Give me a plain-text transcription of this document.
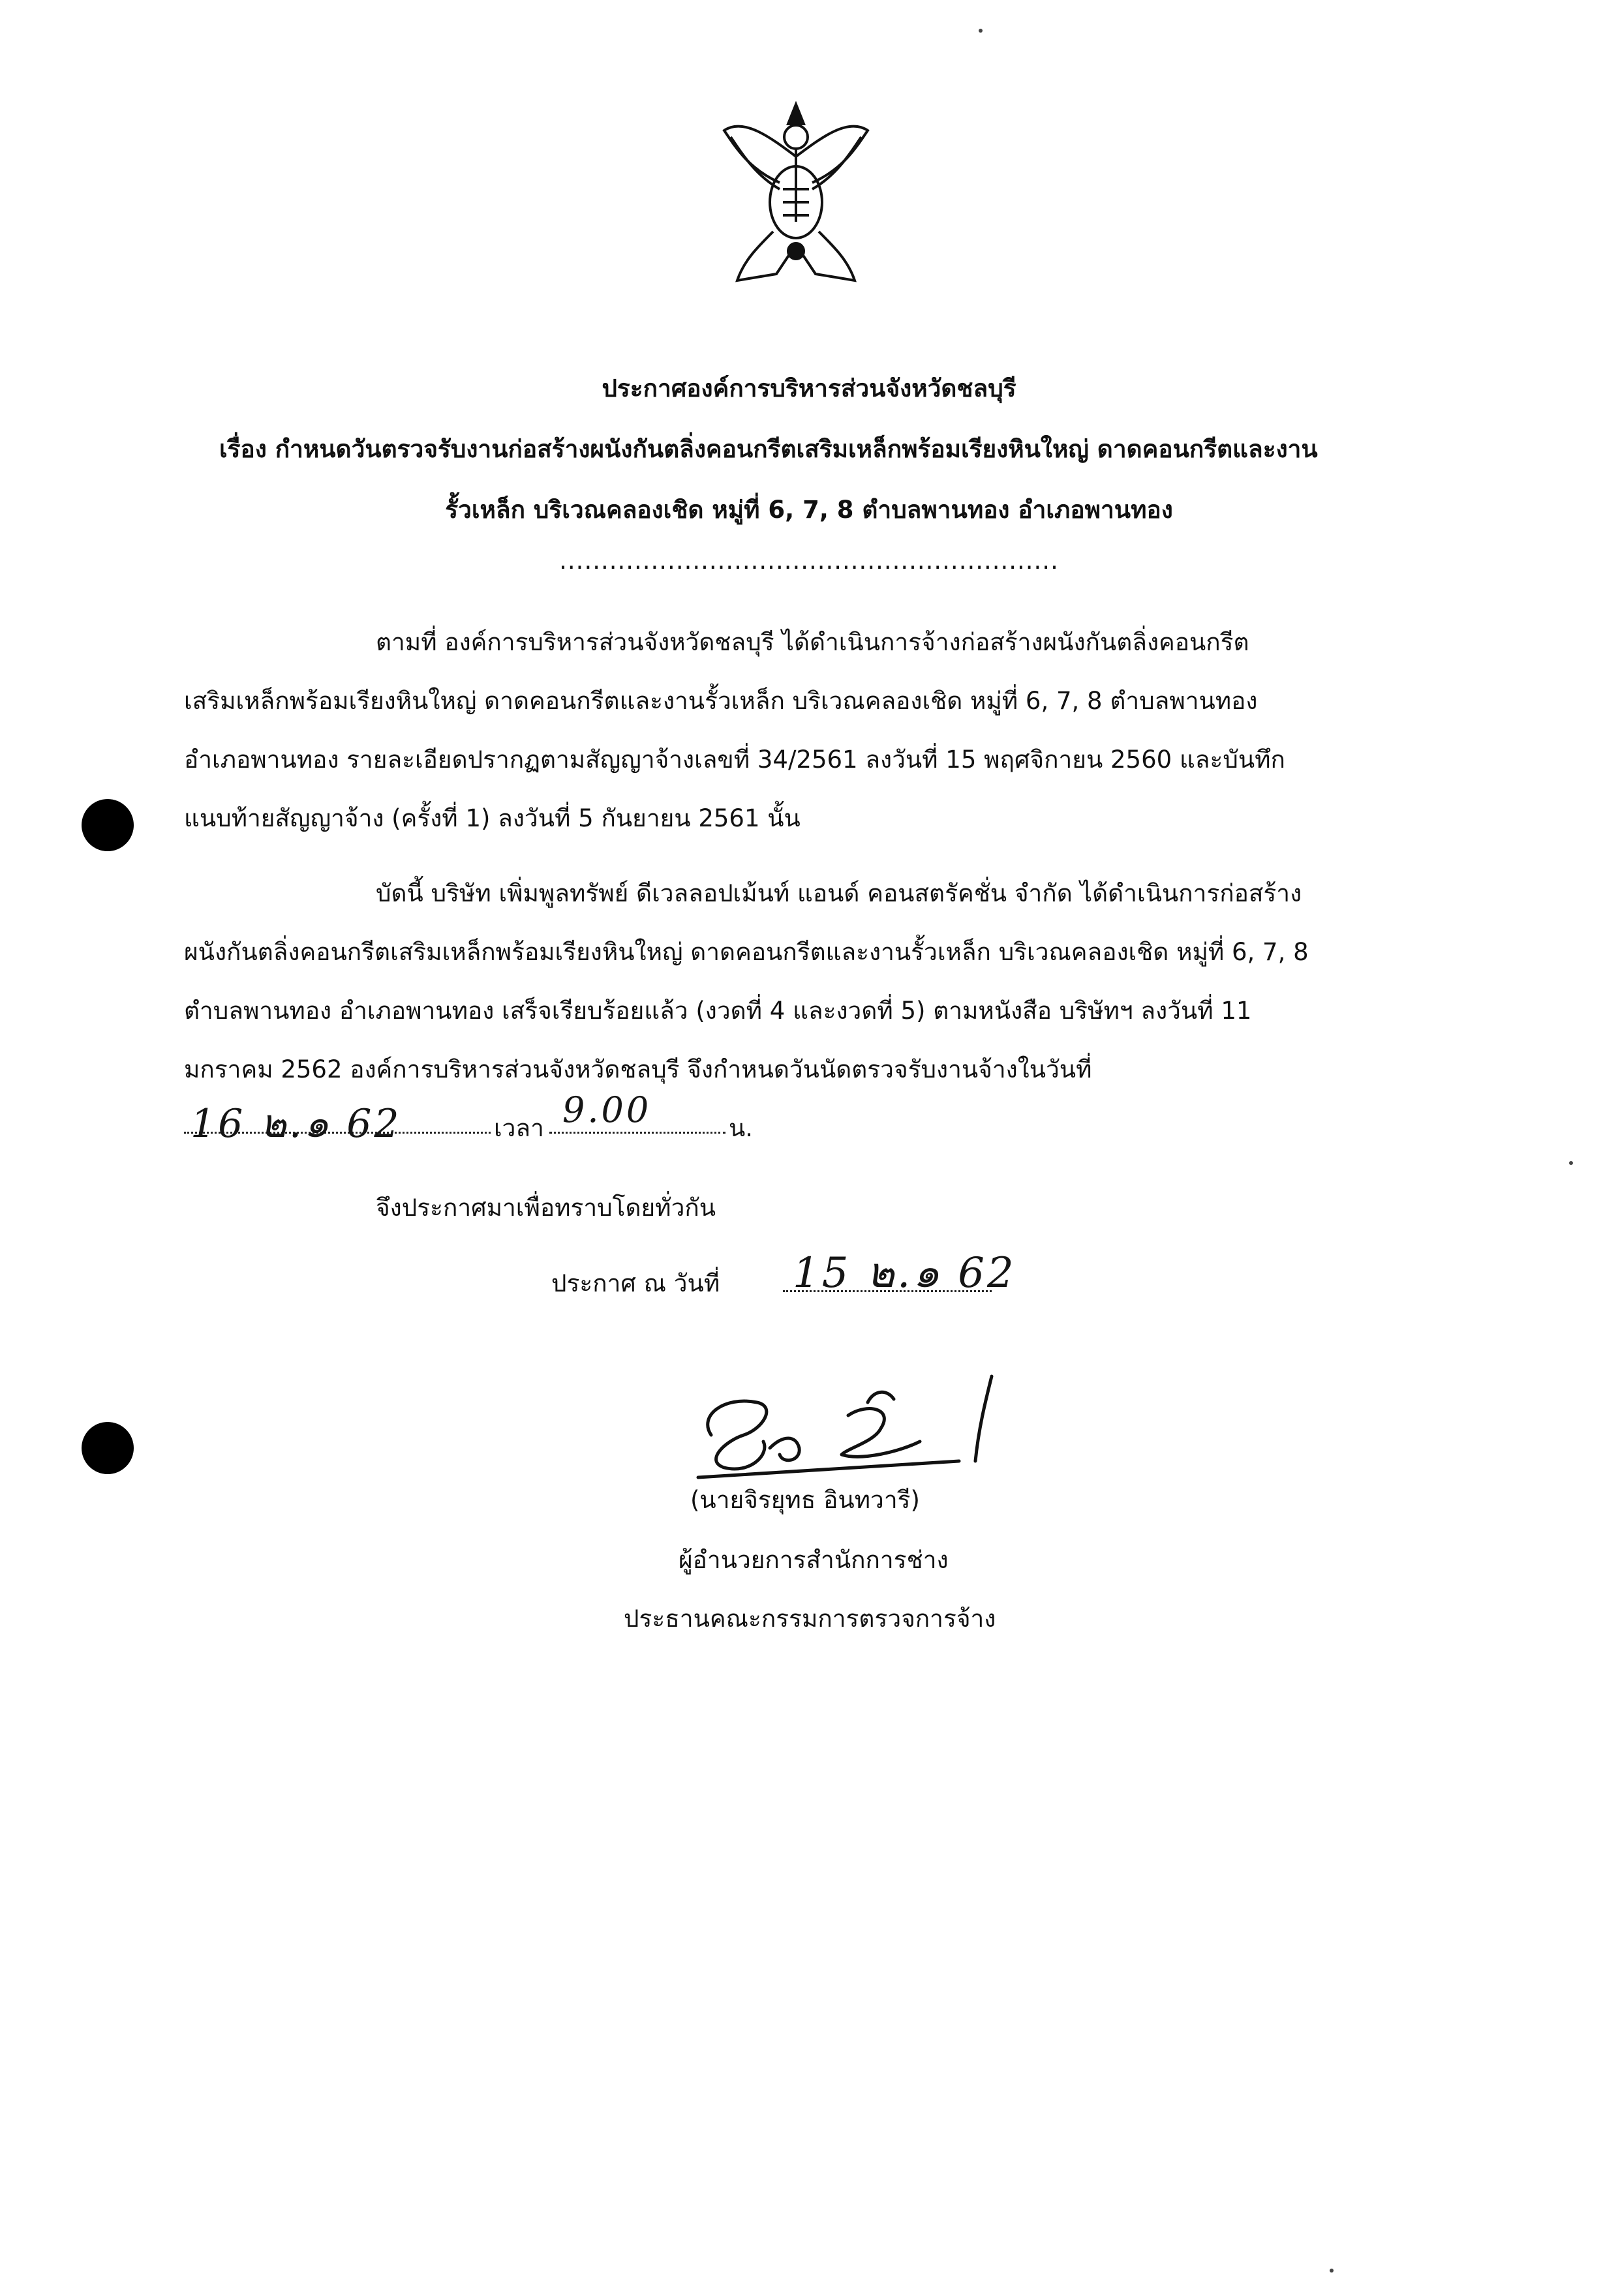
ประกาศองค์การบริหารส่วนจังหวัดชลบุรี
เรื่อง กำหนดวันตรวจรับงานก่อสร้างผนังกันตลิ่งคอนกรีตเสริมเหล็กพร้อมเรียงหินใหญ่ ดาดคอนกรีตและงาน
รั้วเหล็ก บริเวณคลองเชิด หมู่ที่ 6, 7, 8 ตำบลพานทอง อำเภอพานทอง
............................................................
ตามที่ องค์การบริหารส่วนจังหวัดชลบุรี ได้ดำเนินการจ้างก่อสร้างผนังกันตลิ่งคอนกรีต
เสริมเหล็กพร้อมเรียงหินใหญ่ ดาดคอนกรีตและงานรั้วเหล็ก บริเวณคลองเชิด หมู่ที่ 6, 7, 8 ตำบลพานทอง
อำเภอพานทอง รายละเอียดปรากฏตามสัญญาจ้างเลขที่ 34/2561 ลงวันที่ 15 พฤศจิกายน 2560 และบันทึก
แนบท้ายสัญญาจ้าง (ครั้งที่ 1) ลงวันที่ 5 กันยายน 2561 นั้น
บัดนี้ บริษัท เพิ่มพูลทรัพย์ ดีเวลลอปเม้นท์ แอนด์ คอนสตรัคชั่น จำกัด ได้ดำเนินการก่อสร้าง
ผนังกันตลิ่งคอนกรีตเสริมเหล็กพร้อมเรียงหินใหญ่ ดาดคอนกรีตและงานรั้วเหล็ก บริเวณคลองเชิด หมู่ที่ 6, 7, 8
ตำบลพานทอง อำเภอพานทอง เสร็จเรียบร้อยแล้ว (งวดที่ 4 และงวดที่ 5) ตามหนังสือ บริษัทฯ ลงวันที่ 11
มกราคม 2562 องค์การบริหารส่วนจังหวัดชลบุรี จึงกำหนดวันนัดตรวจรับงานจ้างในวันที่
16 ๒.๑ 62	เวลา 9.00	น.
จึงประกาศมาเพื่อทราบโดยทั่วกัน
ประกาศ ณ วันที่ 15 ๒.๑ 62
(นายจิรยุทธ อินทวารี)
ผู้อำนวยการสำนักการช่าง
ประธานคณะกรรมการตรวจการจ้าง
